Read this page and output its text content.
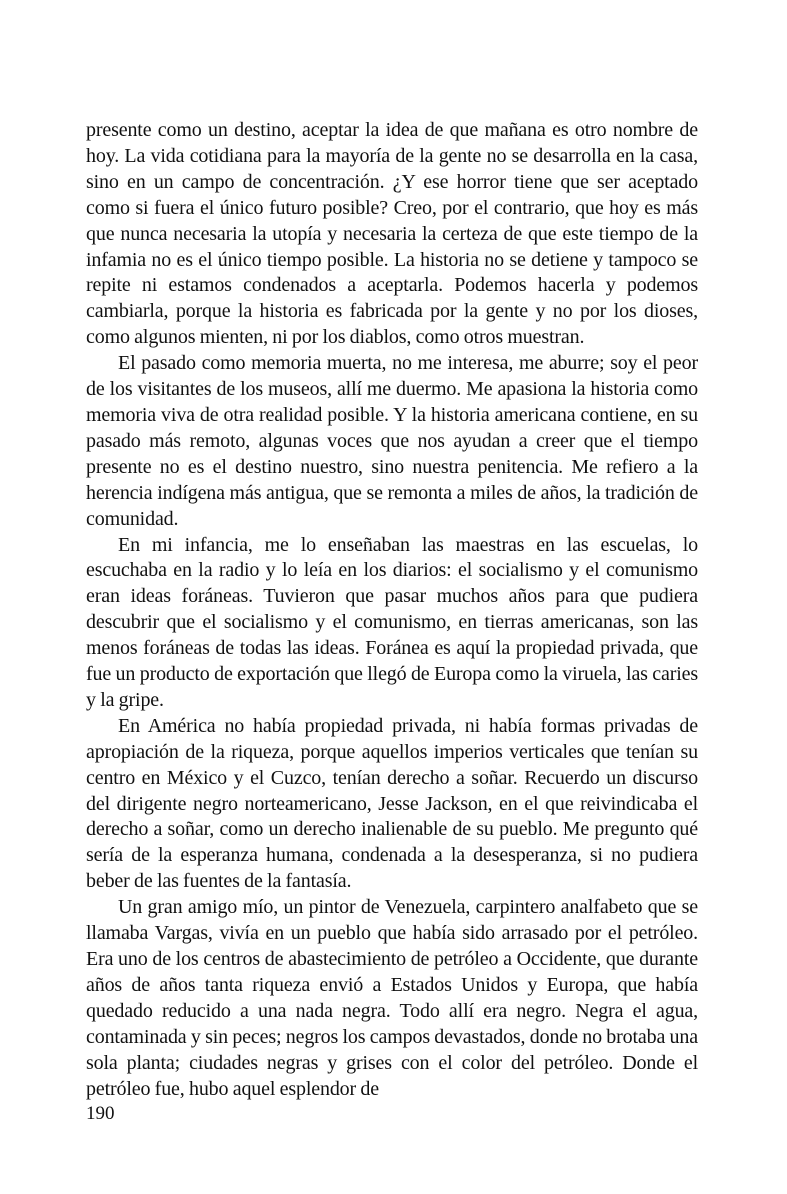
presente como un destino, aceptar la idea de que mañana es otro nombre de hoy. La vida cotidiana para la mayoría de la gente no se desarrolla en la casa, sino en un campo de concentración. ¿Y ese horror tiene que ser aceptado como si fuera el único futuro posible? Creo, por el contrario, que hoy es más que nunca necesaria la utopía y necesaria la certeza de que este tiempo de la infamia no es el único tiempo posible. La historia no se detiene y tampoco se repite ni estamos condenados a aceptarla. Podemos hacerla y podemos cambiarla, porque la historia es fabricada por la gente y no por los dioses, como algunos mienten, ni por los diablos, como otros muestran.

El pasado como memoria muerta, no me interesa, me aburre; soy el peor de los visitantes de los museos, allí me duermo. Me apasiona la historia como memoria viva de otra realidad posible. Y la historia americana contiene, en su pasado más remoto, algunas voces que nos ayudan a creer que el tiempo presente no es el destino nuestro, sino nuestra penitencia. Me refiero a la herencia indígena más antigua, que se remonta a miles de años, la tradición de comunidad.

En mi infancia, me lo enseñaban las maestras en las escuelas, lo escuchaba en la radio y lo leía en los diarios: el socialismo y el comunismo eran ideas foráneas. Tuvieron que pasar muchos años para que pudiera descubrir que el socialismo y el comunismo, en tierras americanas, son las menos foráneas de todas las ideas. Foránea es aquí la propiedad privada, que fue un producto de exportación que llegó de Europa como la viruela, las caries y la gripe.

En América no había propiedad privada, ni había formas privadas de apropiación de la riqueza, porque aquellos imperios verticales que tenían su centro en México y el Cuzco, tenían derecho a soñar. Recuerdo un discurso del dirigente negro norteamericano, Jesse Jackson, en el que reivindicaba el derecho a soñar, como un derecho inalienable de su pueblo. Me pregunto qué sería de la esperanza humana, condenada a la desesperanza, si no pudiera beber de las fuentes de la fantasía.

Un gran amigo mío, un pintor de Venezuela, carpintero analfabeto que se llamaba Vargas, vivía en un pueblo que había sido arrasado por el petróleo. Era uno de los centros de abastecimiento de petróleo a Occidente, que durante años de años tanta riqueza envió a Estados Unidos y Europa, que había quedado reducido a una nada negra. Todo allí era negro. Negra el agua, contaminada y sin peces; negros los campos devastados, donde no brotaba una sola planta; ciudades negras y grises con el color del petróleo. Donde el petróleo fue, hubo aquel esplendor de

190
